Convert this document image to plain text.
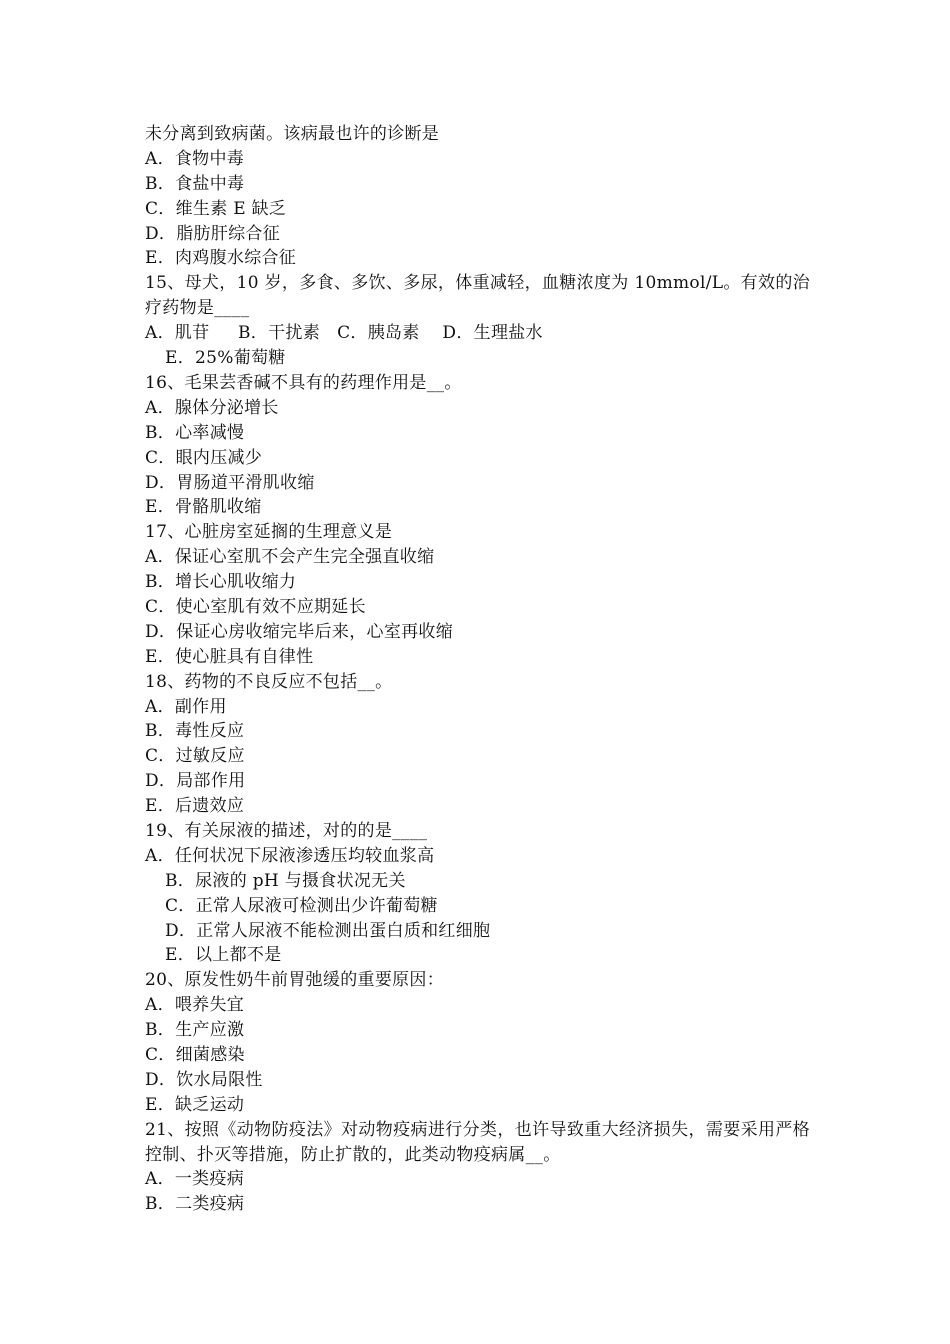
未分离到致病菌。该病最也许的诊断是
A．食物中毒
B．食盐中毒
C．维生素 E 缺乏
D．脂肪肝综合征
E．肉鸡腹水综合征
15、母犬，10 岁，多食、多饮、多尿，体重减轻，血糖浓度为 10mmol/L。有效的治疗药物是____
A．肌苷     B．干扰素   C．胰岛素    D．生理盐水
E．25%葡萄糖
16、毛果芸香碱不具有的药理作用是__。
A．腺体分泌增长
B．心率减慢
C．眼内压减少
D．胃肠道平滑肌收缩
E．骨骼肌收缩
17、心脏房室延搁的生理意义是
A．保证心室肌不会产生完全强直收缩
B．增长心肌收缩力
C．使心室肌有效不应期延长
D．保证心房收缩完毕后来，心室再收缩
E．使心脏具有自律性
18、药物的不良反应不包括__。
A．副作用
B．毒性反应
C．过敏反应
D．局部作用
E．后遗效应
19、有关尿液的描述，对的的是____
A．任何状况下尿液渗透压均较血浆高
B．尿液的 pH 与摄食状况无关
C．正常人尿液可检测出少许葡萄糖
D．正常人尿液不能检测出蛋白质和红细胞
E．以上都不是
20、原发性奶牛前胃弛缓的重要原因：
A．喂养失宜
B．生产应激
C．细菌感染
D．饮水局限性
E．缺乏运动
21、按照《动物防疫法》对动物疫病进行分类，也许导致重大经济损失，需要采用严格控制、扑灭等措施，防止扩散的，此类动物疫病属__。
A．一类疫病
B．二类疫病
